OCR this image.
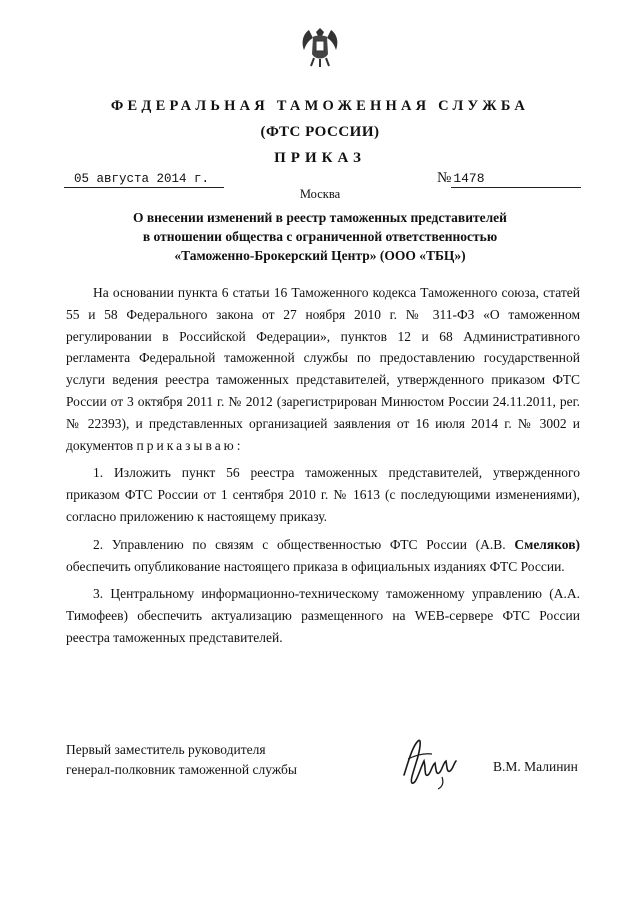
ФЕДЕРАЛЬНАЯ ТАМОЖЕННАЯ СЛУЖБА
(ФТС РОССИИ)
ПРИКАЗ
05 августа 2014 г.	№ 1478
Москва
О внесении изменений в реестр таможенных представителей
в отношении общества с ограниченной ответственностью
«Таможенно-Брокерский Центр» (ООО «ТБЦ»)

На основании пункта 6 статьи 16 Таможенного кодекса Таможенного союза, статей 55 и 58 Федерального закона от 27 ноября 2010 г. № 311-ФЗ «О таможенном регулировании в Российской Федерации», пунктов 12 и 68 Административного регламента Федеральной таможенной службы по предоставлению государственной услуги ведения реестра таможенных представителей, утвержденного приказом ФТС России от 3 октября 2011 г. № 2012 (зарегистрирован Минюстом России 24.11.2011, рег. № 22393), и представленных организацией заявления от 16 июля 2014 г. № 3002 и документов приказываю:

1. Изложить пункт 56 реестра таможенных представителей, утвержденного приказом ФТС России от 1 сентября 2010 г. № 1613 (с последующими изменениями), согласно приложению к настоящему приказу.

2. Управлению по связям с общественностью ФТС России (А.В. Смеляков) обеспечить опубликование настоящего приказа в официальных изданиях ФТС России.

3. Центральному информационно-техническому таможенному управлению (А.А. Тимофеев) обеспечить актуализацию размещенного на WEB-сервере ФТС России реестра таможенных представителей.

Первый заместитель руководителя
генерал-полковник таможенной службы	В.М. Малинин
